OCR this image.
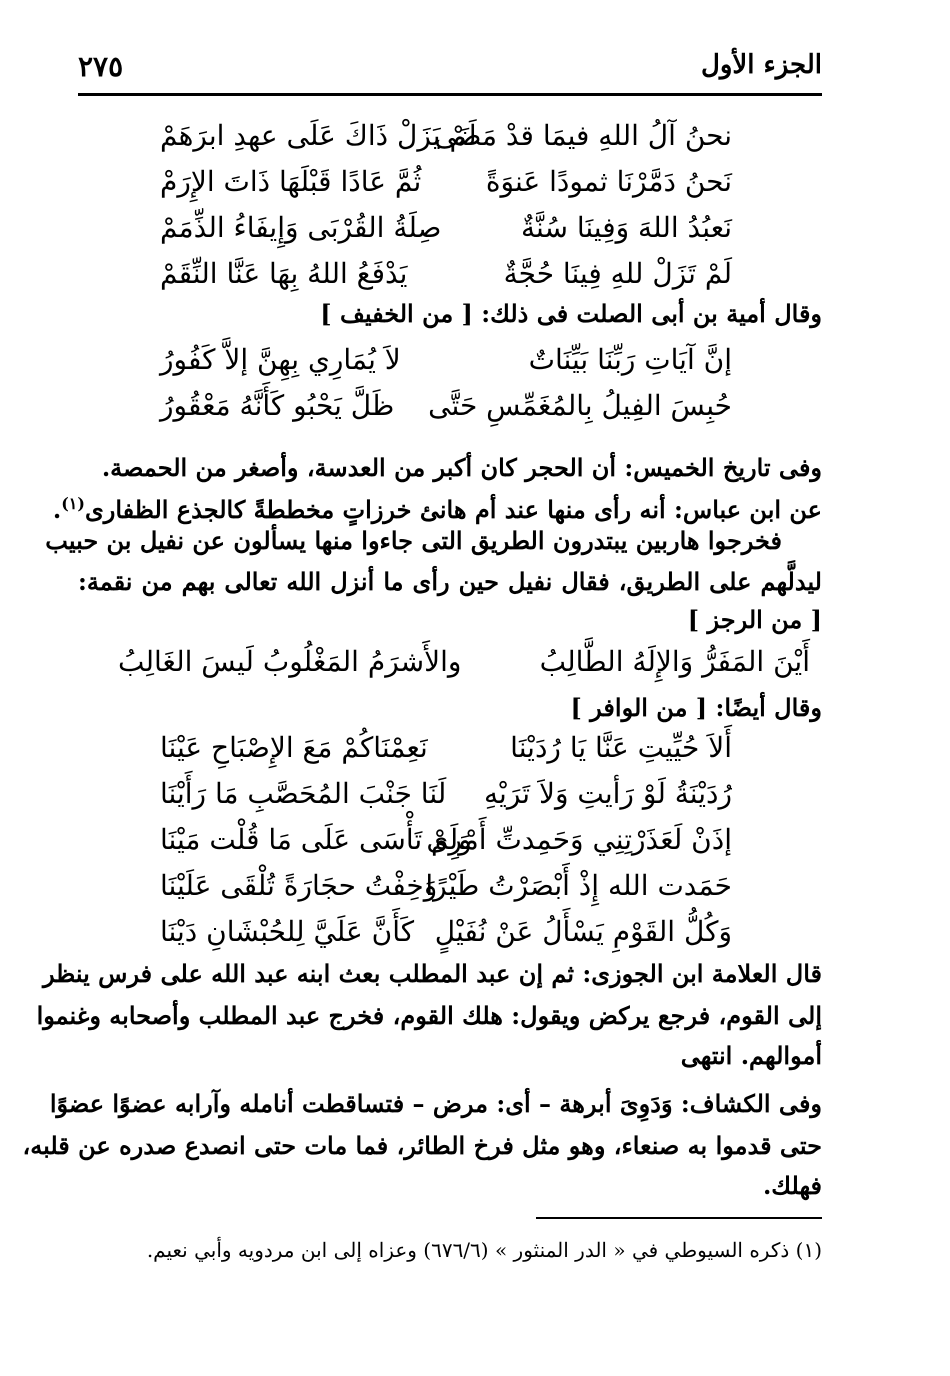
الجزء الأول
٢٧٥
نحنُ آلُ اللهِ فيمَا قدْ مَضَى
لَمْ يَزَلْ ذَاكَ عَلَى عهدِ ابرَهَمْ
نَحنُ دَمَّرْنَا ثمودًا عَنوَةً
ثُمَّ عَادًا قَبْلَهَا ذَاتَ الإِرَمْ
نَعبُدُ اللهَ وَفِينَا سُنَّةٌ
صِلَةُ القُرْبَى وَإِيفَاءُ الذِّمَمْ
لَمْ تَزَلْ للهِ فِينَا حُجَّةٌ
يَدْفَعُ اللهُ بِهَا عَنَّا النِّقَمْ
وقال أمية بن أبى الصلت فى ذلك: [ من الخفيف ]
إنَّ آيَاتِ رَبِّنَا بَيِّنَاتٌ
لاَ يُمَارِي بِهِنَّ إلاَّ كَفُورُ
حُبِسَ الفِيلُ بِالمُغَمِّسِ حَتَّى
ظَلَّ يَحْبُو كَأَنَّهُ مَعْقُورُ
وفى تاريخ الخميس: أن الحجر كان أكبر من العدسة، وأصغر من الحمصة.
عن ابن عباس: أنه رأى منها عند أم هانئ خرزاتٍ مخططةً كالجذع الظفارى$^{(١)}$.
فخرجوا هاربين يبتدرون الطريق التى جاءوا منها يسألون عن نفيل بن حبيب
ليدلَّهم على الطريق، فقال نفيل حين رأى ما أنزل الله تعالى بهم من نقمة:
[ من الرجز ]
أَيْنَ المَفَرُّ وَالإِلَهُ الطَّالِبُ
والأَشرَمُ المَغْلُوبُ لَيسَ الغَالِبُ
وقال أيضًا: [ من الوافر ]
أَلاَ حُيِّيتِ عَنَّا يَا رُدَيْنَا
نَعِمْنَاكُمْ مَعَ الإِصْبَاحِ عَيْنَا
رُدَيْنَةُ لَوْ رَأيتِ وَلاَ تَرَيْهِ
لَنَا جَنْبَ المُحَصَّبِ مَا رَأَيْنَا
إذَنْ لَعَذَرْتِنِي وَحَمِدتِّ أَمْرِى
وَلَمْ تَأْسَى عَلَى مَا قُلْت مَيْنَا
حَمَدت الله إِذْ أَبْصَرْتُ طَيْرًا
وَخِفْتُ حجَارَةً تُلْقَى عَلَيْنَا
وَكُلُّ القَوْمِ يَسْأَلُ عَنْ نُفَيْلٍ
كَأَنَّ عَلَيَّ لِلحُبْشَانِ دَيْنَا
قال العلامة ابن الجوزى: ثم إن عبد المطلب بعث ابنه عبد الله على فرس ينظر
إلى القوم، فرجع يركض ويقول: هلك القوم، فخرج عبد المطلب وأصحابه وغنموا
أموالهم. انتهى
وفى الكشاف: وَدَوِىَ أبرهة – أى: مرض – فتساقطت أنامله وآرابه عضوًا عضوًا
حتى قدموا به صنعاء، وهو مثل فرخ الطائر، فما مات حتى انصدع صدره عن قلبه،
فهلك.
(١) ذكره السيوطي في « الدر المنثور » (٦٧٦/٦) وعزاه إلى ابن مردويه وأبي نعيم.
